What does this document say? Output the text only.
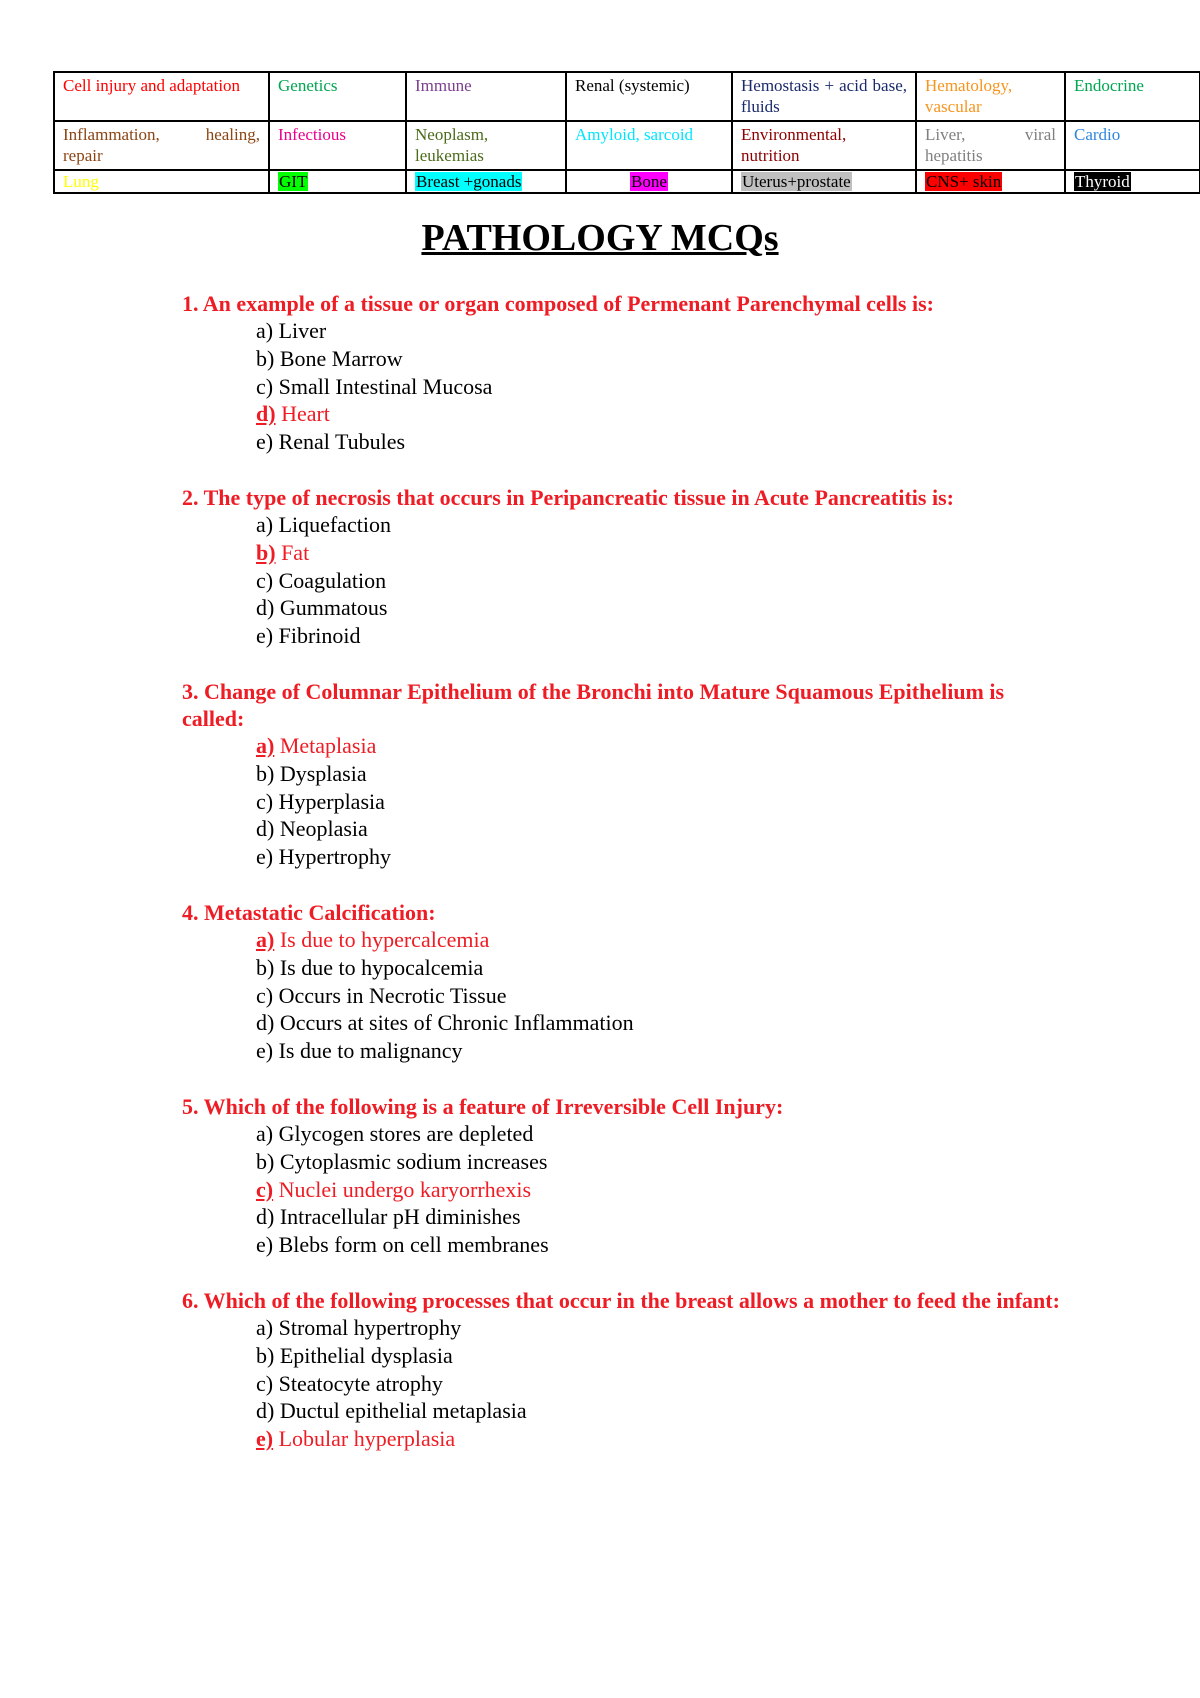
Cell injury and adaptation	Genetics	Immune	Renal (systemic)	Hemostasis + acid base, fluids	Hematology, vascular	Endocrine
Inflammation, healing, repair	Infectious	Neoplasm, leukemias	Amyloid, sarcoid	Environmental, nutrition	Liver, viral hepatitis	Cardio
Lung	GIT	Breast +gonads	Bone	Uterus+prostate	CNS+ skin	Thyroid
PATHOLOGY MCQs

1. An example of a tissue or organ composed of Permenant Parenchymal cells is:

a) Liver
b) Bone Marrow
c) Small Intestinal Mucosa
d) Heart
e) Renal Tubules

2. The type of necrosis that occurs in Peripancreatic tissue in Acute Pancreatitis is:

a) Liquefaction
b) Fat
c) Coagulation
d) Gummatous
e) Fibrinoid

3. Change of Columnar Epithelium of the Bronchi into Mature Squamous Epithelium is called:

a) Metaplasia
b) Dysplasia
c) Hyperplasia
d) Neoplasia
e) Hypertrophy

4. Metastatic Calcification:

a) Is due to hypercalcemia
b) Is due to hypocalcemia
c) Occurs in Necrotic Tissue
d) Occurs at sites of Chronic Inflammation
e) Is due to malignancy

5. Which of the following is a feature of Irreversible Cell Injury:

a) Glycogen stores are depleted
b) Cytoplasmic sodium increases
c) Nuclei undergo karyorrhexis
d) Intracellular pH diminishes
e) Blebs form on cell membranes

6. Which of the following processes that occur in the breast allows a mother to feed the infant:

a) Stromal hypertrophy
b) Epithelial dysplasia
c) Steatocyte atrophy
d) Ductul epithelial metaplasia
e) Lobular hyperplasia
